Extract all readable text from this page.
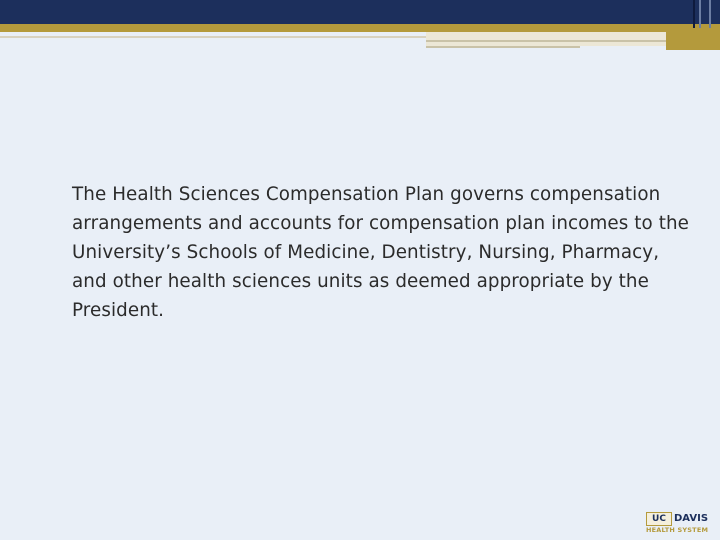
The Health Sciences Compensation Plan governs compensation arrangements and accounts for compensation plan incomes to the University’s Schools of Medicine, Dentistry, Nursing, Pharmacy, and other health sciences units as deemed appropriate by the President.

UC DAVIS
HEALTH SYSTEM
